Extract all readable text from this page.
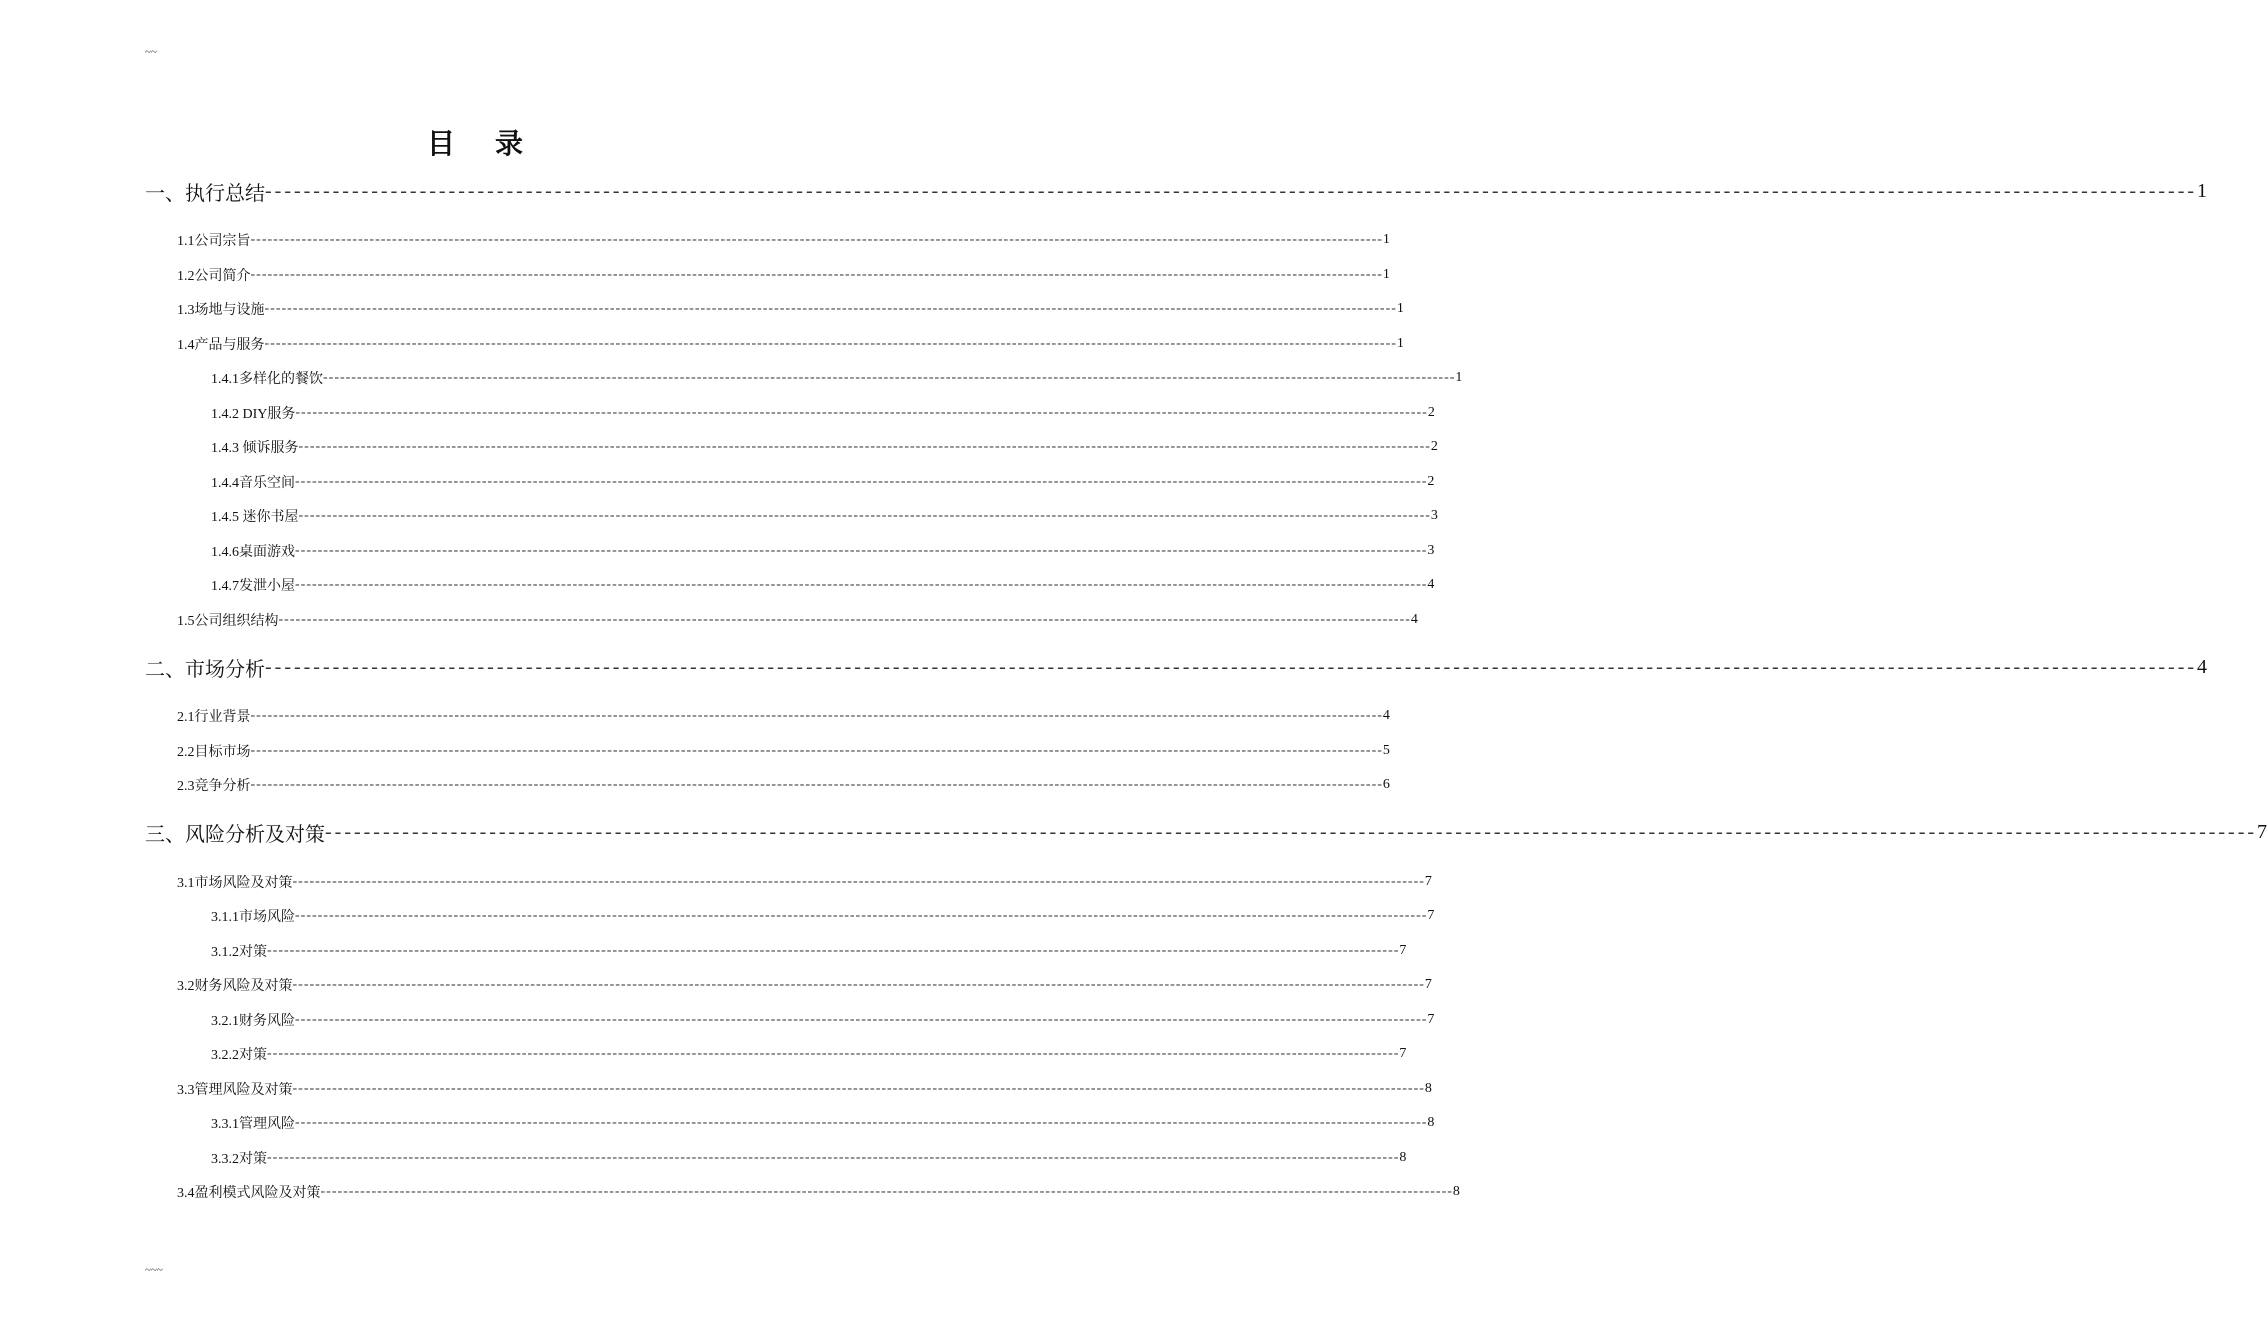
~~
目录
一、执行总结 -------------------------------------------------------------------------------------------------------------------------------------------------------------------------------------------------------- 1
1.1公司宗旨 -------------------------------------------------------------------------------------------------------------------------------------------------------------------------------------------------------- 1
1.2公司简介 -------------------------------------------------------------------------------------------------------------------------------------------------------------------------------------------------------- 1
1.3场地与设施 -------------------------------------------------------------------------------------------------------------------------------------------------------------------------------------------------------- 1
1.4产品与服务 -------------------------------------------------------------------------------------------------------------------------------------------------------------------------------------------------------- 1
1.4.1多样化的餐饮 -------------------------------------------------------------------------------------------------------------------------------------------------------------------------------------------------------- 1
1.4.2 DIY服务 -------------------------------------------------------------------------------------------------------------------------------------------------------------------------------------------------------- 2
1.4.3 倾诉服务 -------------------------------------------------------------------------------------------------------------------------------------------------------------------------------------------------------- 2
1.4.4音乐空间 -------------------------------------------------------------------------------------------------------------------------------------------------------------------------------------------------------- 2
1.4.5 迷你书屋 -------------------------------------------------------------------------------------------------------------------------------------------------------------------------------------------------------- 3
1.4.6桌面游戏 -------------------------------------------------------------------------------------------------------------------------------------------------------------------------------------------------------- 3
1.4.7发泄小屋 -------------------------------------------------------------------------------------------------------------------------------------------------------------------------------------------------------- 4
1.5公司组织结构 -------------------------------------------------------------------------------------------------------------------------------------------------------------------------------------------------------- 4
二、市场分析 -------------------------------------------------------------------------------------------------------------------------------------------------------------------------------------------------------- 4
2.1行业背景 -------------------------------------------------------------------------------------------------------------------------------------------------------------------------------------------------------- 4
2.2目标市场 -------------------------------------------------------------------------------------------------------------------------------------------------------------------------------------------------------- 5
2.3竞争分析 -------------------------------------------------------------------------------------------------------------------------------------------------------------------------------------------------------- 6
三、风险分析及对策 -------------------------------------------------------------------------------------------------------------------------------------------------------------------------------------------------------- 7
3.1市场风险及对策 -------------------------------------------------------------------------------------------------------------------------------------------------------------------------------------------------------- 7
3.1.1市场风险 -------------------------------------------------------------------------------------------------------------------------------------------------------------------------------------------------------- 7
3.1.2对策 -------------------------------------------------------------------------------------------------------------------------------------------------------------------------------------------------------- 7
3.2财务风险及对策 -------------------------------------------------------------------------------------------------------------------------------------------------------------------------------------------------------- 7
3.2.1财务风险 -------------------------------------------------------------------------------------------------------------------------------------------------------------------------------------------------------- 7
3.2.2对策 -------------------------------------------------------------------------------------------------------------------------------------------------------------------------------------------------------- 7
3.3管理风险及对策 -------------------------------------------------------------------------------------------------------------------------------------------------------------------------------------------------------- 8
3.3.1管理风险 -------------------------------------------------------------------------------------------------------------------------------------------------------------------------------------------------------- 8
3.3.2对策 -------------------------------------------------------------------------------------------------------------------------------------------------------------------------------------------------------- 8
3.4盈利模式风险及对策 -------------------------------------------------------------------------------------------------------------------------------------------------------------------------------------------------------- 8
~~~
